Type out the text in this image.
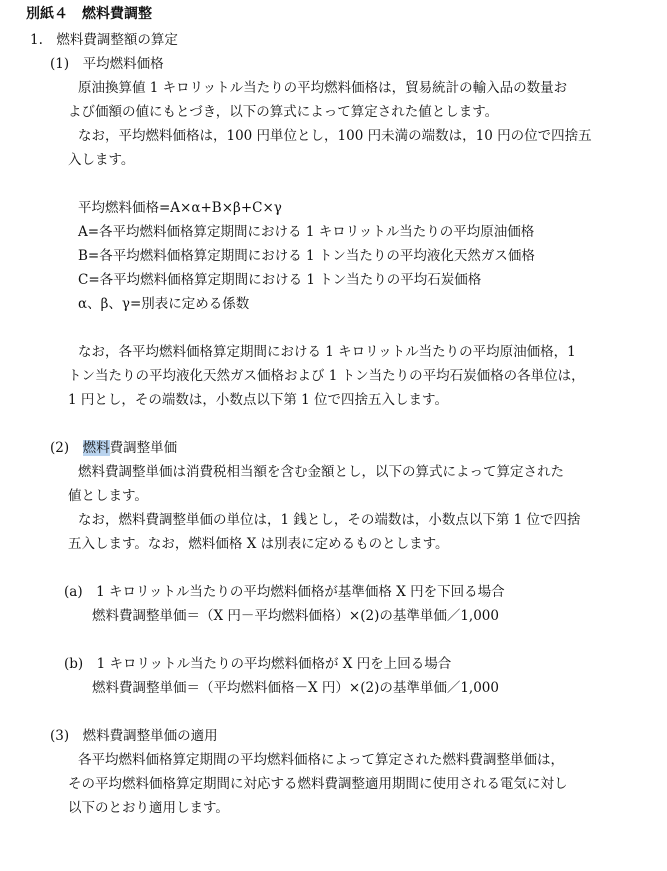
別紙４　燃料費調整
1.　燃料費調整額の算定
(1)　平均燃料価格
原油換算値 1 キロリットル当たりの平均燃料価格は，貿易統計の輸入品の数量お
よび価額の値にもとづき，以下の算式によって算定された値とします。
なお，平均燃料価格は，100 円単位とし，100 円未満の端数は，10 円の位で四捨五
入します。
平均燃料価格=A×α+B×β+C×γ
A=各平均燃料価格算定期間における 1 キロリットル当たりの平均原油価格
B=各平均燃料価格算定期間における 1 トン当たりの平均液化天然ガス価格
C=各平均燃料価格算定期間における 1 トン当たりの平均石炭価格
α、β、γ=別表に定める係数
なお，各平均燃料価格算定期間における 1 キロリットル当たりの平均原油価格，1
トン当たりの平均液化天然ガス価格および 1 トン当たりの平均石炭価格の各単位は，
1 円とし，その端数は，小数点以下第 1 位で四捨五入します。
(2)　 燃料費調整単価
燃料費調整単価は消費税相当額を含む金額とし，以下の算式によって算定された
値とします。
なお，燃料費調整単価の単位は，1 銭とし，その端数は，小数点以下第 1 位で四捨
五入します。なお，燃料価格 X は別表に定めるものとします。
(a)　1 キロリットル当たりの平均燃料価格が基準価格 X 円を下回る場合
燃料費調整単価＝（X 円－平均燃料価格）×(2)の基準単価／1,000
(b)　1 キロリットル当たりの平均燃料価格が X 円を上回る場合
燃料費調整単価＝（平均燃料価格－X 円）×(2)の基準単価／1,000
(3)　燃料費調整単価の適用
各平均燃料価格算定期間の平均燃料価格によって算定された燃料費調整単価は，
その平均燃料価格算定期間に対応する燃料費調整適用期間に使用される電気に対し
以下のとおり適用します。
